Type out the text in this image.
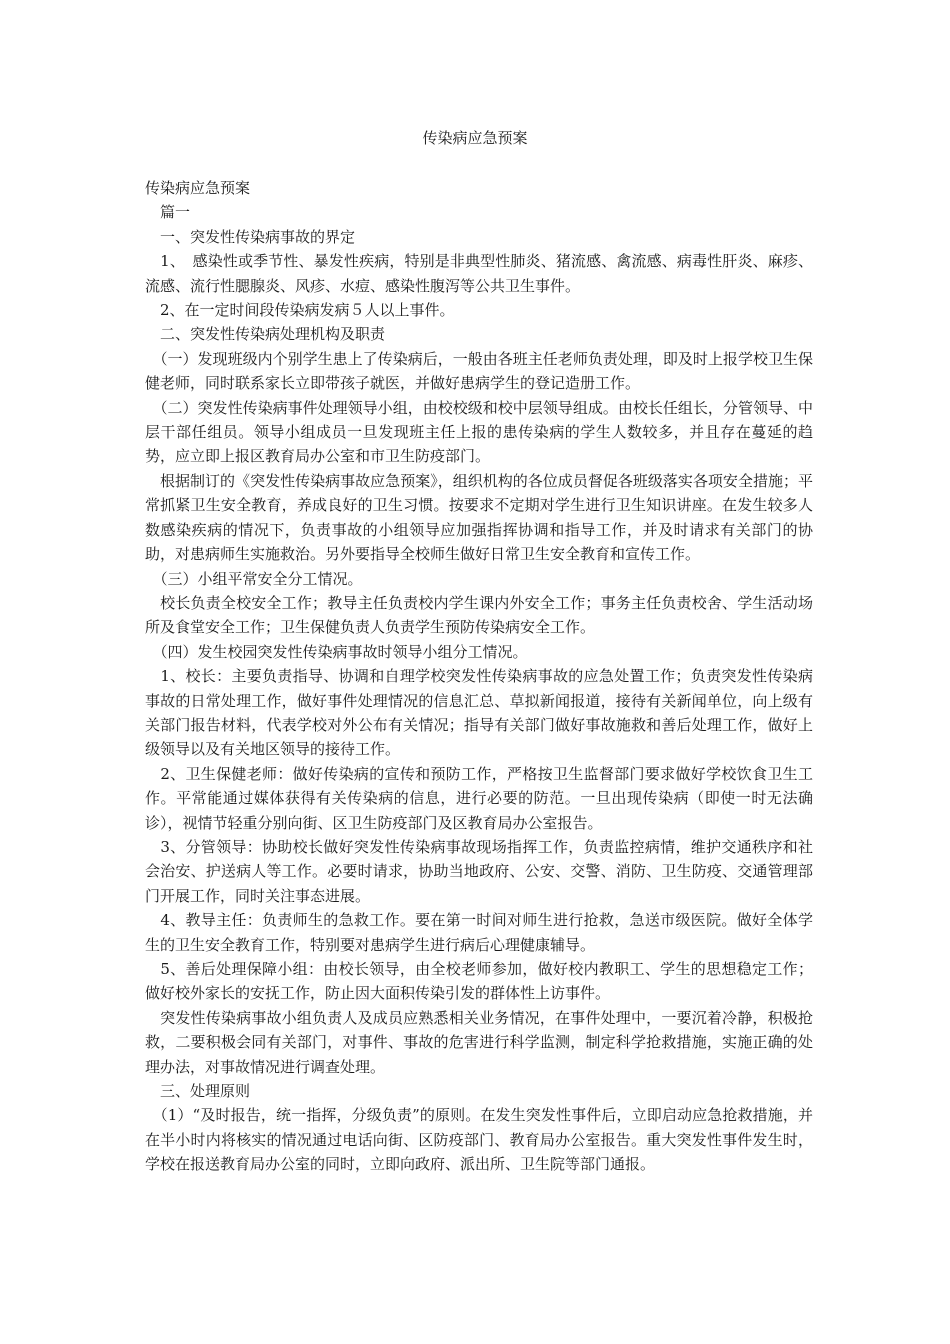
传染病应急预案

传染病应急预案

　篇一

　一、突发性传染病事故的界定

　1、　感染性或季节性、暴发性疾病，特别是非典型性肺炎、猪流感、禽流感、病毒性肝炎、麻疹、流感、流行性腮腺炎、风疹、水痘、感染性腹泻等公共卫生事件。

　2、在一定时间段传染病发病５人以上事件。

　二、突发性传染病处理机构及职责

　（一）发现班级内个别学生患上了传染病后，一般由各班主任老师负责处理，即及时上报学校卫生保健老师，同时联系家长立即带孩子就医，并做好患病学生的登记造册工作。

　（二）突发性传染病事件处理领导小组，由校校级和校中层领导组成。由校长任组长，分管领导、中层干部任组员。领导小组成员一旦发现班主任上报的患传染病的学生人数较多，并且存在蔓延的趋势，应立即上报区教育局办公室和市卫生防疫部门。

　根据制订的《突发性传染病事故应急预案》，组织机构的各位成员督促各班级落实各项安全措施；平常抓紧卫生安全教育，养成良好的卫生习惯。按要求不定期对学生进行卫生知识讲座。在发生较多人数感染疾病的情况下，负责事故的小组领导应加强指挥协调和指导工作，并及时请求有关部门的协助，对患病师生实施救治。另外要指导全校师生做好日常卫生安全教育和宣传工作。

　（三）小组平常安全分工情况。

　校长负责全校安全工作；教导主任负责校内学生课内外安全工作；事务主任负责校舍、学生活动场所及食堂安全工作；卫生保健负责人负责学生预防传染病安全工作。

　（四）发生校园突发性传染病事故时领导小组分工情况。

　1、校长：主要负责指导、协调和自理学校突发性传染病事故的应急处置工作；负责突发性传染病事故的日常处理工作，做好事件处理情况的信息汇总、草拟新闻报道，接待有关新闻单位，向上级有关部门报告材料，代表学校对外公布有关情况；指导有关部门做好事故施救和善后处理工作，做好上级领导以及有关地区领导的接待工作。

　2、卫生保健老师：做好传染病的宣传和预防工作，严格按卫生监督部门要求做好学校饮食卫生工作。平常能通过媒体获得有关传染病的信息，进行必要的防范。一旦出现传染病（即使一时无法确诊），视情节轻重分别向街、区卫生防疫部门及区教育局办公室报告。

　3、分管领导：协助校长做好突发性传染病事故现场指挥工作，负责监控病情，维护交通秩序和社会治安、护送病人等工作。必要时请求，协助当地政府、公安、交警、消防、卫生防疫、交通管理部门开展工作，同时关注事态进展。

　4、教导主任：负责师生的急救工作。要在第一时间对师生进行抢救，急送市级医院。做好全体学生的卫生安全教育工作，特别要对患病学生进行病后心理健康辅导。

　5、善后处理保障小组：由校长领导，由全校老师参加，做好校内教职工、学生的思想稳定工作；做好校外家长的安抚工作，防止因大面积传染引发的群体性上访事件。

　突发性传染病事故小组负责人及成员应熟悉相关业务情况，在事件处理中，一要沉着冷静，积极抢救，二要积极会同有关部门，对事件、事故的危害进行科学监测，制定科学抢救措施，实施正确的处理办法，对事故情况进行调查处理。

　三、处理原则

　（1）“及时报告，统一指挥，分级负责”的原则。在发生突发性事件后，立即启动应急抢救措施，并在半小时内将核实的情况通过电话向街、区防疫部门、教育局办公室报告。重大突发性事件发生时，学校在报送教育局办公室的同时，立即向政府、派出所、卫生院等部门通报。
